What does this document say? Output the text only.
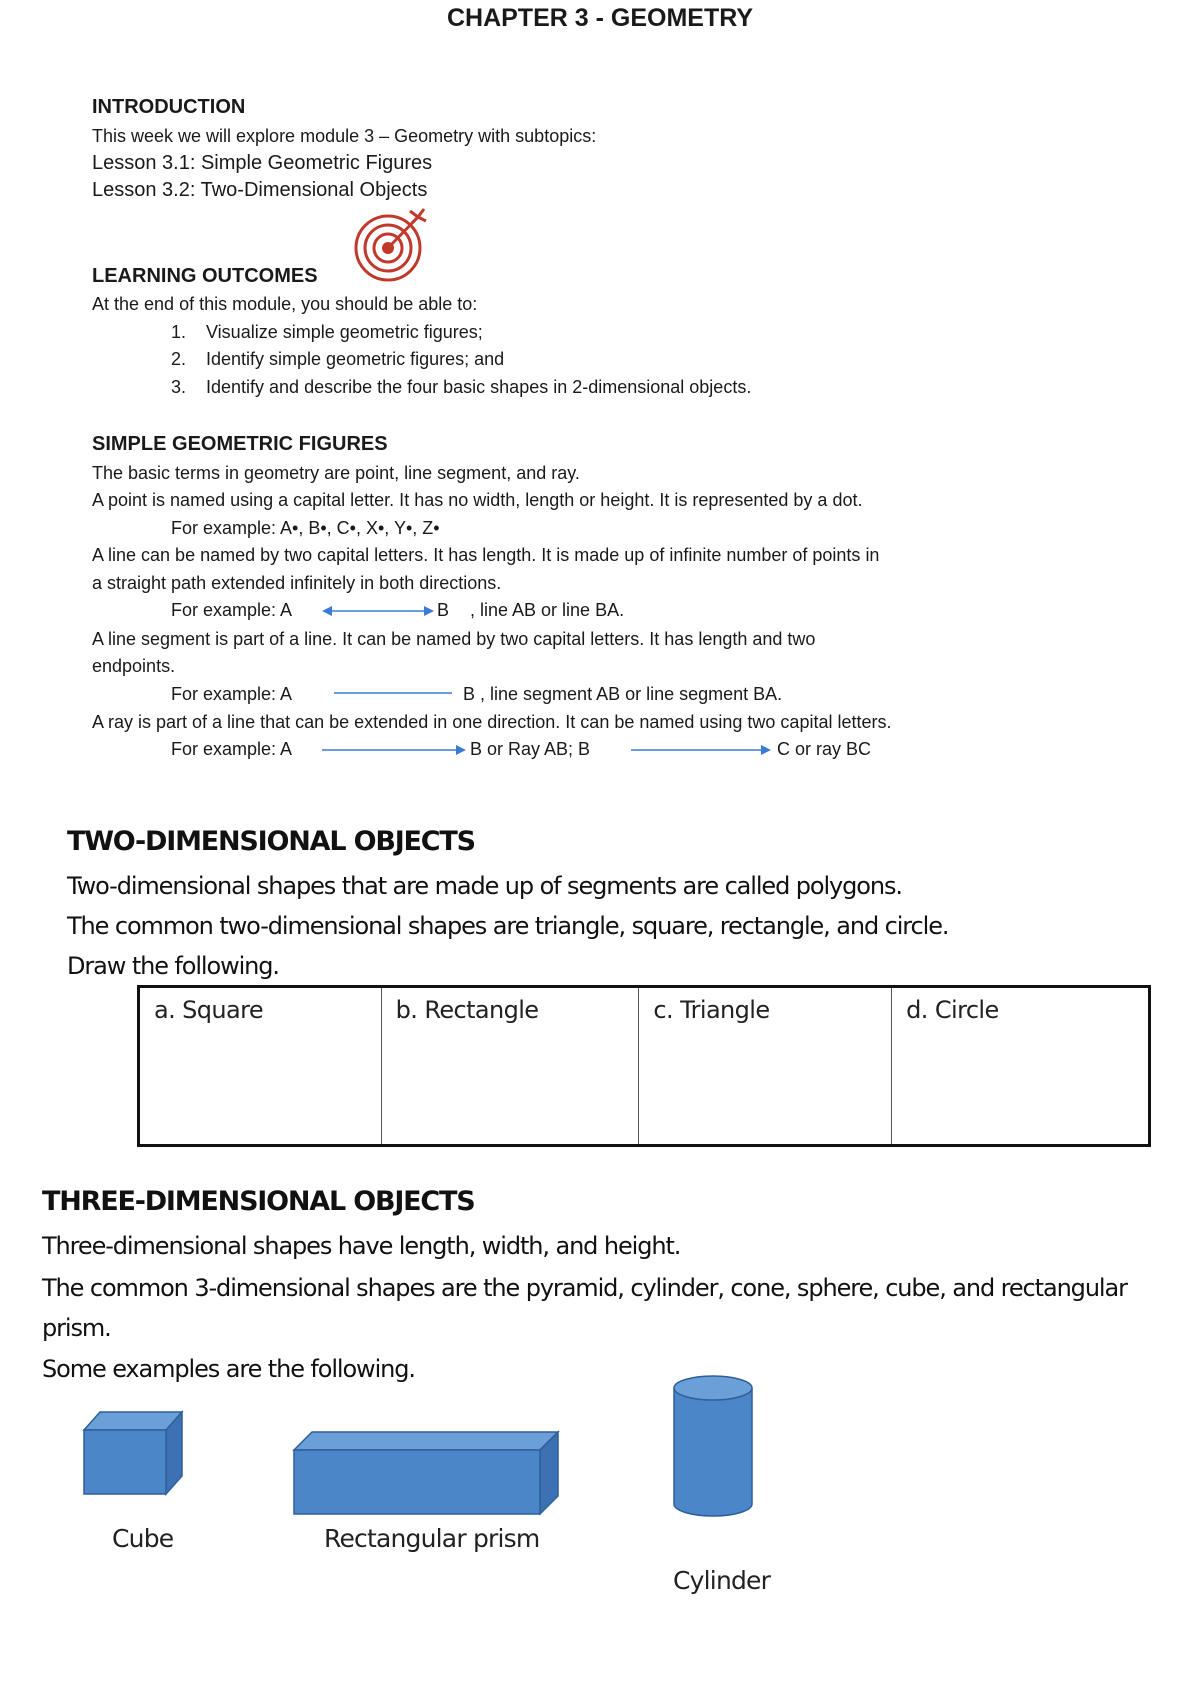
CHAPTER 3 - GEOMETRY
INTRODUCTION
This week we will explore module 3 – Geometry with subtopics:
Lesson 3.1: Simple Geometric Figures
Lesson 3.2: Two-Dimensional Objects
LEARNING OUTCOMES
At the end of this module, you should be able to:
1. Visualize simple geometric figures;
2. Identify simple geometric figures; and
3. Identify and describe the four basic shapes in 2-dimensional objects.
SIMPLE GEOMETRIC FIGURES
The basic terms in geometry are point, line segment, and ray.
A point is named using a capital letter. It has no width, length or height. It is represented by a dot.
For example: A•, B•, C•, X•, Y•, Z•
A line can be named by two capital letters. It has length. It is made up of infinite number of points in
a straight path extended infinitely in both directions.
For example: A	B , line AB or line BA.
A line segment is part of a line. It can be named by two capital letters. It has length and two
endpoints.
For example: A	B , line segment AB or line segment BA.
A ray is part of a line that can be extended in one direction. It can be named using two capital letters.
For example: A	B or Ray AB; B	C or ray BC
TWO-DIMENSIONAL OBJECTS
Two-dimensional shapes that are made up of segments are called polygons.
The common two-dimensional shapes are triangle, square, rectangle, and circle.
Draw the following.
a. Square	b. Rectangle	c. Triangle	d. Circle
THREE-DIMENSIONAL OBJECTS
Three-dimensional shapes have length, width, and height.
The common 3-dimensional shapes are the pyramid, cylinder, cone, sphere, cube, and rectangular
prism.
Some examples are the following.
Cube	Rectangular prism
Cylinder
